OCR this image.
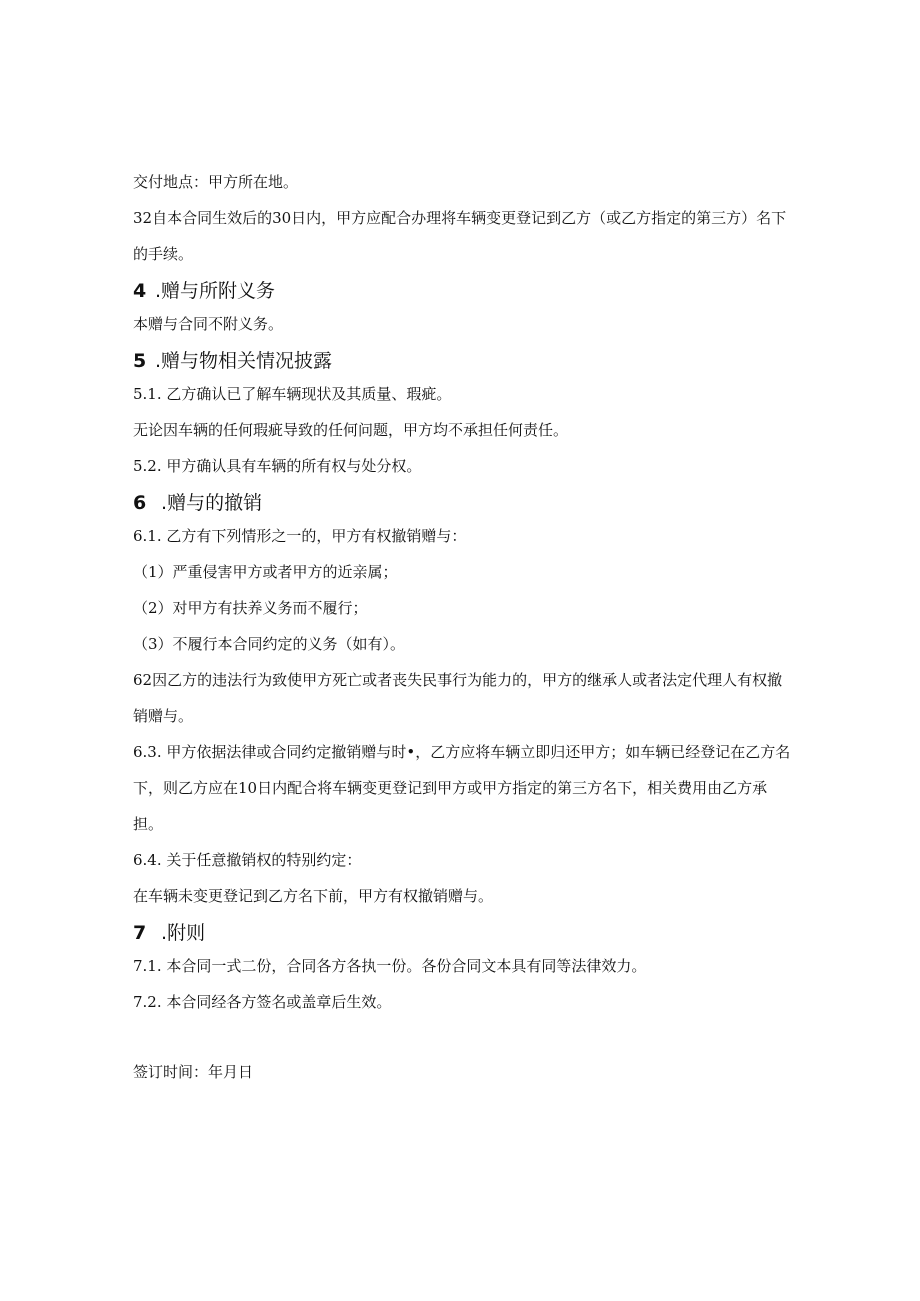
交付地点：甲方所在地。
32自本合同生效后的30日内，甲方应配合办理将车辆变更登记到乙方（或乙方指定的第三方）名下的手续。
4 .赠与所附义务
本赠与合同不附义务。
5 .赠与物相关情况披露
5.1. 乙方确认已了解车辆现状及其质量、瑕疵。
无论因车辆的任何瑕疵导致的任何问题，甲方均不承担任何责任。
5.2. 甲方确认具有车辆的所有权与处分权。
6 .赠与的撤销
6.1. 乙方有下列情形之一的，甲方有权撤销赠与：
（1）严重侵害甲方或者甲方的近亲属；
（2）对甲方有扶养义务而不履行；
（3）不履行本合同约定的义务（如有）。
62因乙方的违法行为致使甲方死亡或者丧失民事行为能力的，甲方的继承人或者法定代理人有权撤销赠与。
6.3. 甲方依据法律或合同约定撤销赠与时•，乙方应将车辆立即归还甲方；如车辆已经登记在乙方名下，则乙方应在10日内配合将车辆变更登记到甲方或甲方指定的第三方名下，相关费用由乙方承担。
6.4. 关于任意撤销权的特别约定：
在车辆未变更登记到乙方名下前，甲方有权撤销赠与。
7 .附则
7.1. 本合同一式二份，合同各方各执一份。各份合同文本具有同等法律效力。
7.2. 本合同经各方签名或盖章后生效。
签订时间：年月日
